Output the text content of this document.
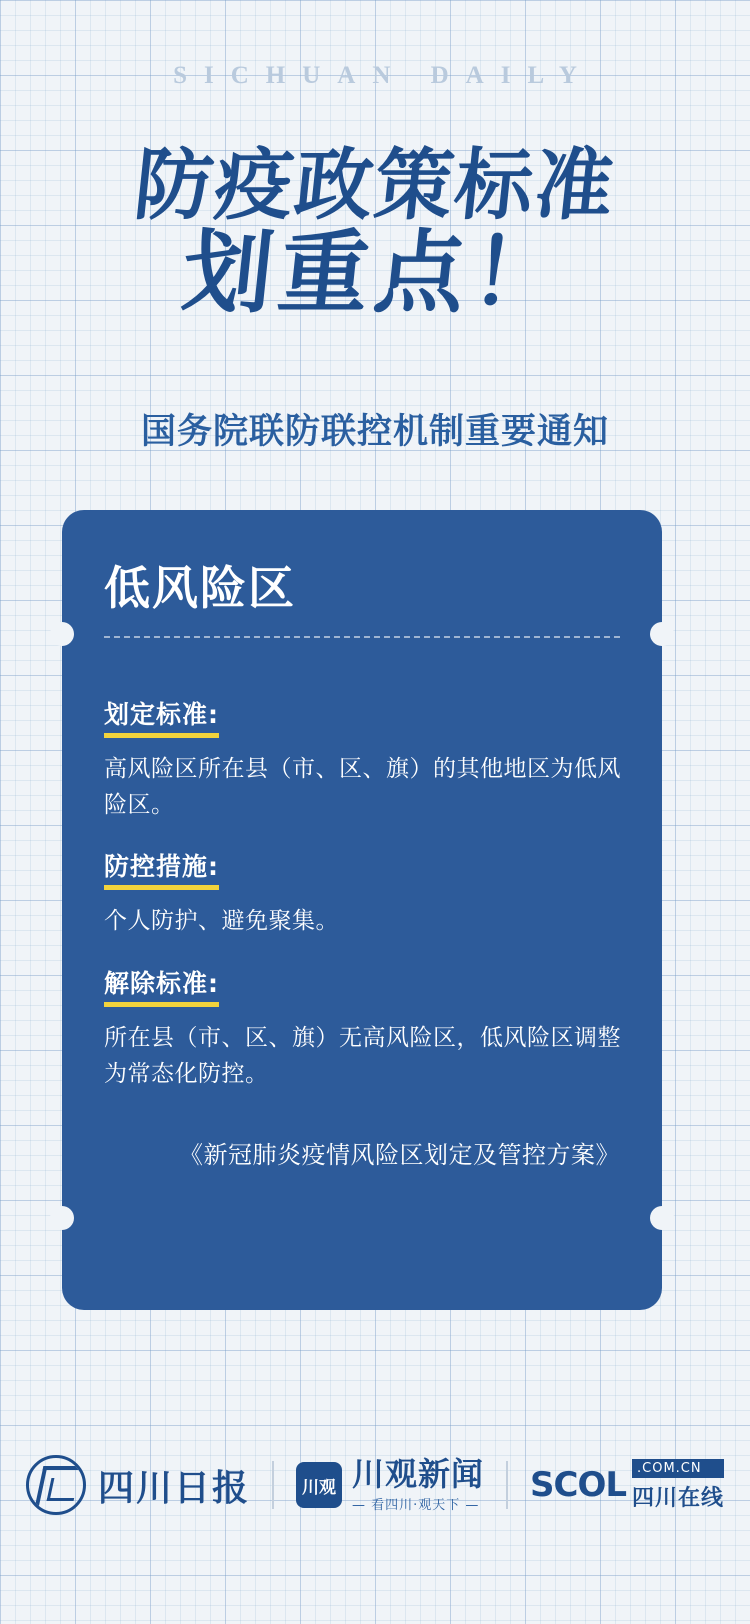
SICHUAN DAILY
防疫政策标准
划重点！
国务院联防联控机制重要通知
低风险区
划定标准:
高风险区所在县（市、区、旗）的其他地区为低风险区。
防控措施:
个人防护、避免聚集。
解除标准:
所在县（市、区、旗）无高风险区，低风险区调整为常态化防控。
《新冠肺炎疫情风险区划定及管控方案》
四川日报	川观 川观新闻
— 看四川·观天下 — SCOL .COM.CN
四川在线
